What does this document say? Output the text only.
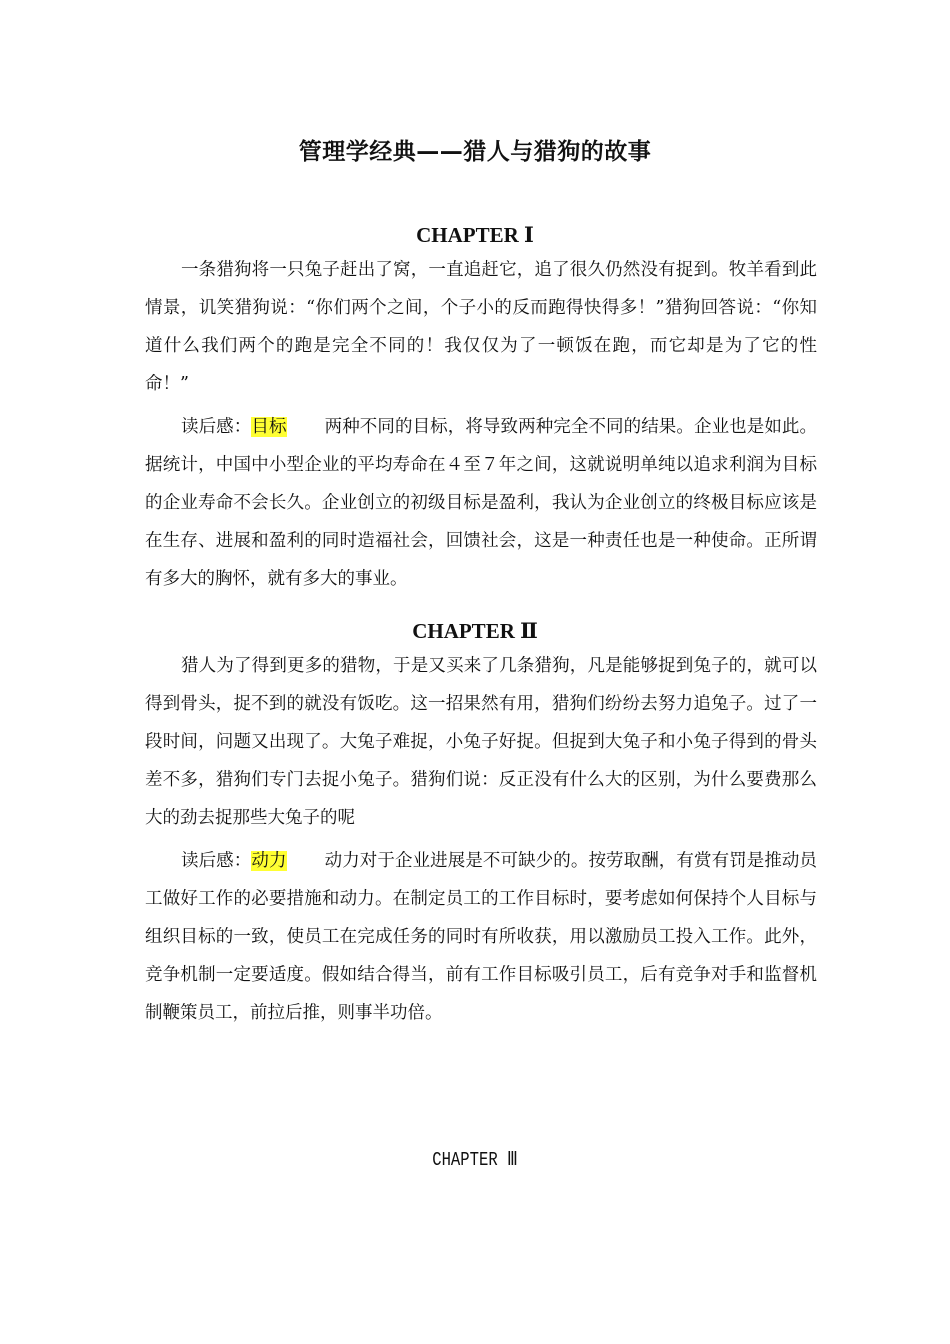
管理学经典——猎人与猎狗的故事
CHAPTER Ⅰ
一条猎狗将一只兔子赶出了窝，一直追赶它，追了很久仍然没有捉到。牧羊看到此情景，讥笑猎狗说：“你们两个之间，个子小的反而跑得快得多！”猎狗回答说：“你知道什么我们两个的跑是完全不同的！我仅仅为了一顿饭在跑，而它却是为了它的性命！”
读后感：目标 两种不同的目标，将导致两种完全不同的结果。企业也是如此。据统计，中国中小型企业的平均寿命在４至７年之间，这就说明单纯以追求利润为目标的企业寿命不会长久。企业创立的初级目标是盈利，我认为企业创立的终极目标应该是在生存、进展和盈利的同时造福社会，回馈社会，这是一种责任也是一种使命。正所谓有多大的胸怀，就有多大的事业。
CHAPTER Ⅱ
猎人为了得到更多的猎物，于是又买来了几条猎狗，凡是能够捉到兔子的，就可以得到骨头，捉不到的就没有饭吃。这一招果然有用，猎狗们纷纷去努力追兔子。过了一段时间，问题又出现了。大兔子难捉，小兔子好捉。但捉到大兔子和小兔子得到的骨头差不多，猎狗们专门去捉小兔子。猎狗们说：反正没有什么大的区别，为什么要费那么大的劲去捉那些大兔子的呢
读后感：动力 动力对于企业进展是不可缺少的。按劳取酬，有赏有罚是推动员工做好工作的必要措施和动力。在制定员工的工作目标时，要考虑如何保持个人目标与组织目标的一致，使员工在完成任务的同时有所收获，用以激励员工投入工作。此外，竞争机制一定要适度。假如结合得当，前有工作目标吸引员工，后有竞争对手和监督机制鞭策员工，前拉后推，则事半功倍。
CHAPTER Ⅲ
